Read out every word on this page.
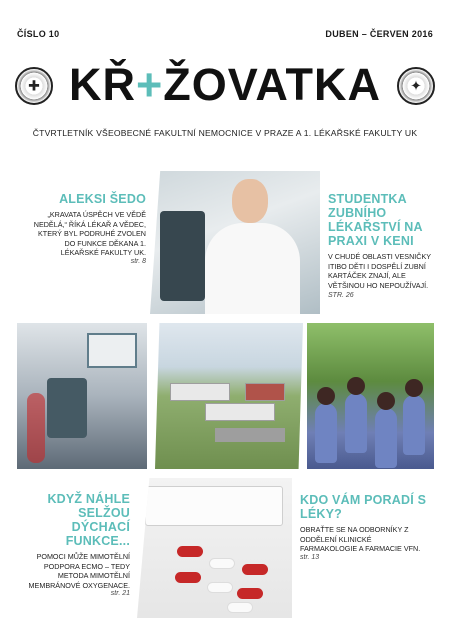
ČÍSLO 10	DUBEN – ČERVEN 2016
✚	✦
KŘ+ŽOVATKA
ČTVRTLETNÍK VŠEOBECNÉ FAKULTNÍ NEMOCNICE V PRAZE A 1. LÉKAŘSKÉ FAKULTY UK
ALEKSI ŠEDO
„KRAVATA ÚSPĚCH VE VĚDĚ NEDĚLÁ,“ ŘÍKÁ LÉKAŘ A VĚDEC, KTERÝ BYL PODRUHÉ ZVOLEN DO FUNKCE DĚKANA 1. LÉKAŘSKÉ FAKULTY UK.
str. 8
STUDENTKA ZUBNÍHO LÉKAŘSTVÍ NA PRAXI V KENI
V CHUDÉ OBLASTI VESNIČKY ITIBO DĚTI I DOSPĚLÍ ZUBNÍ KARTÁČEK ZNAJÍ, ALE VĚTŠINOU HO NEPOUŽÍVAJÍ. STR. 26
KDYŽ NÁHLE SELŽOU DÝCHACÍ FUNKCE...
POMOCI MŮŽE MIMOTĚLNÍ PODPORA ECMO – TEDY METODA MIMOTĚLNÍ MEMBRÁNOVÉ OXYGENACE.
str. 21
KDO VÁM PORADÍ S LÉKY?
OBRAŤTE SE NA ODBORNÍKY Z ODDĚLENÍ KLINICKÉ FARMAKOLOGIE A FARMACIE VFN.
str. 13
